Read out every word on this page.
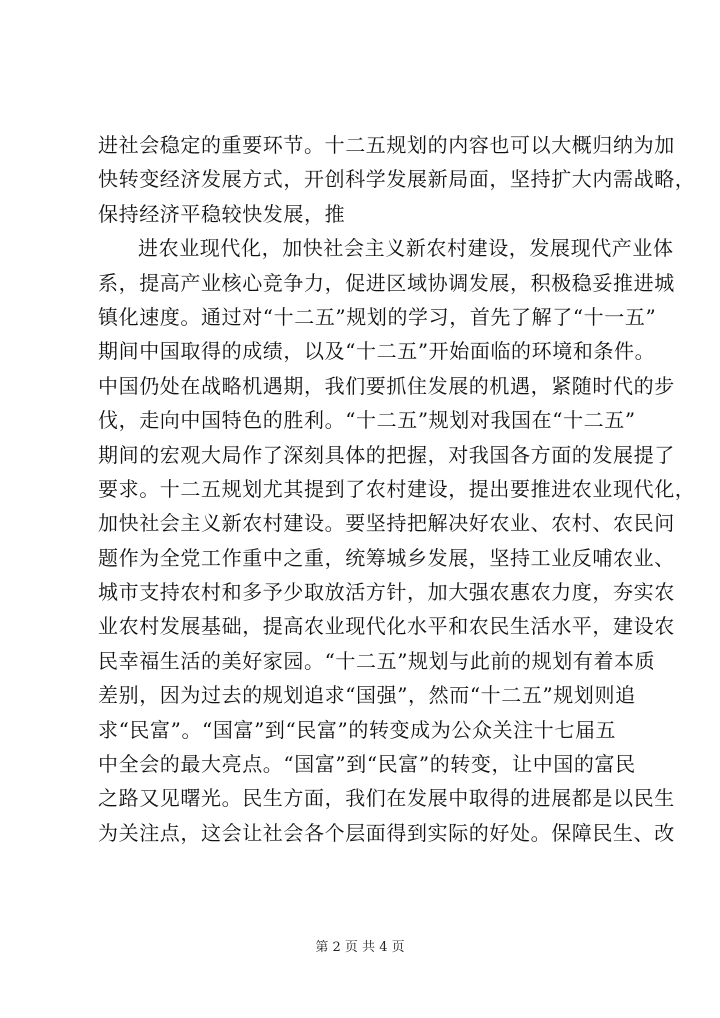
进社会稳定的重要环节。十二五规划的内容也可以大概归纳为加
快转变经济发展方式，开创科学发展新局面，坚持扩大内需战略，
保持经济平稳较快发展，推
进农业现代化，加快社会主义新农村建设，发展现代产业体
系，提高产业核心竞争力，促进区域协调发展，积极稳妥推进城
镇化速度。通过对“十二五”规划的学习，首先了解了“十一五”
期间中国取得的成绩，以及“十二五”开始面临的环境和条件。
中国仍处在战略机遇期，我们要抓住发展的机遇，紧随时代的步
伐，走向中国特色的胜利。“十二五”规划对我国在“十二五”
期间的宏观大局作了深刻具体的把握，对我国各方面的发展提了
要求。十二五规划尤其提到了农村建设，提出要推进农业现代化，
加快社会主义新农村建设。要坚持把解决好农业、农村、农民问
题作为全党工作重中之重，统筹城乡发展，坚持工业反哺农业、
城市支持农村和多予少取放活方针，加大强农惠农力度，夯实农
业农村发展基础，提高农业现代化水平和农民生活水平，建设农
民幸福生活的美好家园。“十二五”规划与此前的规划有着本质
差别，因为过去的规划追求“国强”，然而“十二五”规划则追
求“民富”。“国富”到“民富”的转变成为公众关注十七届五
中全会的最大亮点。“国富”到“民富”的转变，让中国的富民
之路又见曙光。民生方面，我们在发展中取得的进展都是以民生
为关注点，这会让社会各个层面得到实际的好处。保障民生、改
第 2 页 共 4 页
